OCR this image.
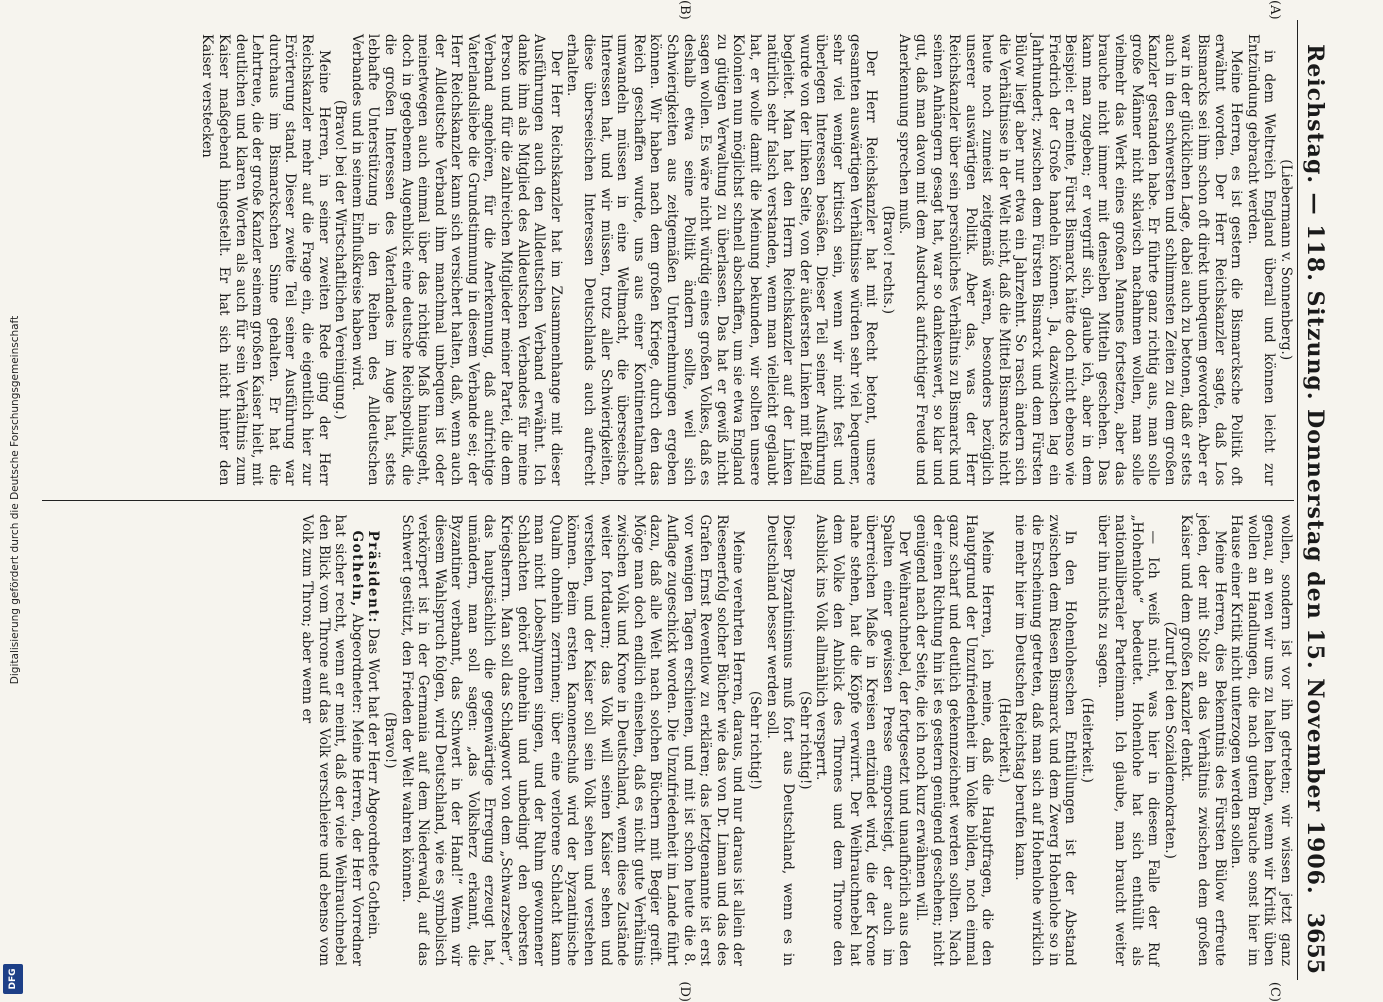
Digitalisierung gefördert durch die Deutsche Forschungsgemeinschaft
DFG
Reichstag. — 118. Sitzung. Donnerstag den 15. November 1906.
3655

(Liebermann v. Sonnenberg.)

in dem Weltreich England überall und können leicht zur Entzündung gebracht werden.

Meine Herren, es ist gestern die Bismarcksche Politik oft erwähnt worden. Der Herr Reichskanzler sagte, daß Los Bismarcks sei ihm schon oft direkt unbequem geworden. Aber er war in der glücklichen Lage, dabei auch zu betonen, daß er stets auch in den schwersten und schlimmsten Zeiten zu dem großen Kanzler gestanden habe. Er führte ganz richtig aus, man solle große Männer nicht sklavisch nachahmen wollen, man solle vielmehr das Werk eines großen Mannes fortsetzen, aber das brauche nicht immer mit denselben Mitteln geschehen. Das kann man zugeben; er vergriff sich, glaube ich, aber in dem Beispiel: er meinte, Fürst Bismarck hätte doch nicht ebenso wie Friedrich der Große handeln können. Ja, dazwischen lag ein Jahrhundert; zwischen dem Fürsten Bismarck und dem Fürsten Bülow liegt aber nur etwa ein Jahrzehnt. So rasch ändern sich die Verhältnisse in der Welt nicht, daß die Mittel Bismarcks nicht heute noch zumeist zeitgemäß wären, besonders bezüglich unserer auswärtigen Politik. Aber das, was der Herr Reichskanzler über sein persönliches Verhältnis zu Bismarck und seinen Anhängern gesagt hat, war so dankenswert, so klar und gut, daß man davon mit dem Ausdruck aufrichtiger Freude und Anerkennung sprechen muß.

(Bravo! rechts.)

Der Herr Reichskanzler hat mit Recht betont, unsere gesamten auswärtigen Verhältnisse würden sehr viel bequemer, sehr viel weniger kritisch sein, wenn wir nicht fest und überlegen Interessen besäßen. Dieser Teil seiner Ausführung wurde von der linken Seite, von der äußersten Linken mit Beifall begleitet. Man hat den Herrn Reichskanzler auf der Linken natürlich sehr falsch verstanden, wenn man vielleicht geglaubt hat, er wolle damit die Meinung bekunden, wir sollten unsere Kolonien nun möglichst schnell abschaffen, um sie etwa England zu gütigen Verwaltung zu überlassen. Das hat er gewiß nicht sagen wollen. Es wäre nicht würdig eines großen Volkes, daß es deshalb etwa seine Politik ändern sollte, weil sich Schwierigkeiten aus zeitgemäßen Unternehmungen ergeben können. Wir haben nach dem großen Kriege, durch den das Reich geschaffen wurde, uns aus einer Kontinentalmacht umwandeln müssen in eine Weltmacht, die überseeische Interessen hat, und wir müssen, trotz aller Schwierigkeiten, diese überseeischen Interessen Deutschlands auch aufrecht erhalten.

Der Herr Reichskanzler hat im Zusammenhange mit dieser Ausführungen auch den Alldeutschen Verband erwähnt. Ich danke ihm als Mitglied des Alldeutschen Verbandes für meine Person und für die zahlreichen Mitglieder meiner Partei, die dem Verband angehören, für die Anerkennung, daß aufrichtige Vaterlandsliebe die Grundstimmung in diesem Verbande sei; der Herr Reichskanzler kann sich versichert halten, daß, wenn auch der Alldeutsche Verband ihm manchmal unbequem ist oder meinetwegen auch einmal über das richtige Maß hinausgeht, doch in gegebenem Augenblick eine deutsche Reichspolitik, die die großen Interessen des Vaterlandes im Auge hat, stets lebhafte Unterstützung in den Reihen des Alldeutschen Verbandes und in seinem Einflußkreise haben wird.

(Bravo! bei der Wirtschaftlichen Vereinigung.)

Meine Herren, in seiner zweiten Rede ging der Herr Reichskanzler mehr auf die Frage ein, die eigentlich hier zur Erörterung stand. Dieser zweite Teil seiner Ausführung war durchaus im Bismarckschen Sinne gehalten. Er hat die Lehrtreue, die der große Kanzler seinem großen Kaiser hielt, mit deutlichen und klaren Worten als auch für sein Verhältnis zum Kaiser maßgebend hingestellt. Er hat sich nicht hinter den Kaiser verstecken

wollen, sondern ist vor ihn getreten; wir wissen jetzt ganz genau, an wen wir uns zu halten haben, wenn wir Kritik üben wollen an Handlungen, die nach gutem Brauche sonst hier im Hause einer Kritik nicht unterzogen werden sollen.

Meine Herren, dies Bekenntnis des Fürsten Bülow erfreute jeden, der mit Stolz an das Verhältnis zwischen dem großen Kaiser und dem großen Kanzler denkt.

(Zuruf bei den Sozialdemokraten.)

— Ich weiß nicht, was hier in diesem Falle der Ruf „Hohenlohe“ bedeutet. Hohenlohe hat sich enthüllt als nationalliberaler Parteimann. Ich glaube, man braucht weiter über ihn nichts zu sagen.

(Heiterkeit.)

In den Hohenloheschen Enthüllungen ist der Abstand zwischen dem Riesen Bismarck und dem Zwerg Hohenlohe so in die Erscheinung getreten, daß man sich auf Hohenlohe wirklich nie mehr hier im Deutschen Reichstag berufen kann.

(Heiterkeit.)

Meine Herren, ich meine, daß die Hauptfragen, die den Hauptgrund der Unzufriedenheit im Volke bilden, noch einmal ganz scharf und deutlich gekennzeichnet werden sollten. Nach der einen Richtung hin ist es gestern genügend geschehen; nicht genügend nach der Seite, die ich noch kurz erwähnen will.

Der Weihrauchnebel, der fortgesetzt und unaufhörlich aus den Spalten einer gewissen Presse emporsteigt, der auch im überreichen Maße in Kreisen entzündet wird, die der Krone nahe stehen, hat die Köpfe verwirrt. Der Weihrauchnebel hat dem Volke den Anblick des Thrones und dem Throne den Ausblick ins Volk allmählich versperrt.

(Sehr richtig!)

Dieser Byzantinismus muß fort aus Deutschland, wenn es in Deutschland besser werden soll.

(Sehr richtig!)

Meine verehrten Herren, daraus, und nur daraus ist allein der Riesenerfolg solcher Bücher wie das von Dr. Liman und das des Grafen Ernst Reventlow zu erklären; das letztgenannte ist erst vor wenigen Tagen erschienen, und mit ist schon heute die 8. Auflage zugeschickt worden. Die Unzufriedenheit im Lande führt dazu, daß alle Welt nach solchen Büchern mit Begier greift. Möge man doch endlich einsehen, daß es nicht gute Verhältnis zwischen Volk und Krone in Deutschland, wenn diese Zustände weiter fortdauern; das Volk will seinen Kaiser sehen und verstehen, und der Kaiser soll sein Volk sehen und verstehen können. Beim ersten Kanonenschuß wird der byzantinische Qualm ohnehin zerrinnen; über eine verlorene Schlacht kann man nicht Lobeshymnen singen, und der Ruhm gewonnener Schlachten gehört ohnehin und unbedingt den obersten Kriegsherrn. Man soll das Schlagwort von dem „Schwarzseher“, das hauptsächlich die gegenwärtige Erregung erzeugt hat, umändern, man soll sagen: „das Volksherz erkannt, die Byzantiner verbannt, das Schwert in der Hand!“ Wenn wir diesem Wahlspruch folgen, wird Deutschland, wie es symbolisch verkörpert ist in der Germania auf dem Niederwald, auf das Schwert gestützt, den Frieden der Welt wahren können.

(Bravo!)

Präsident: Das Wort hat der Herr Abgeordnete Gothein.

Gothein, Abgeordneter: Meine Herren, der Herr Vorredner hat sicher recht, wenn er meint, daß der viele Weihrauchnebel den Blick vom Throne auf das Volk verschleiere und ebenso vom Volk zum Thron; aber wenn er

(A)
(B)
(C)
(D)
